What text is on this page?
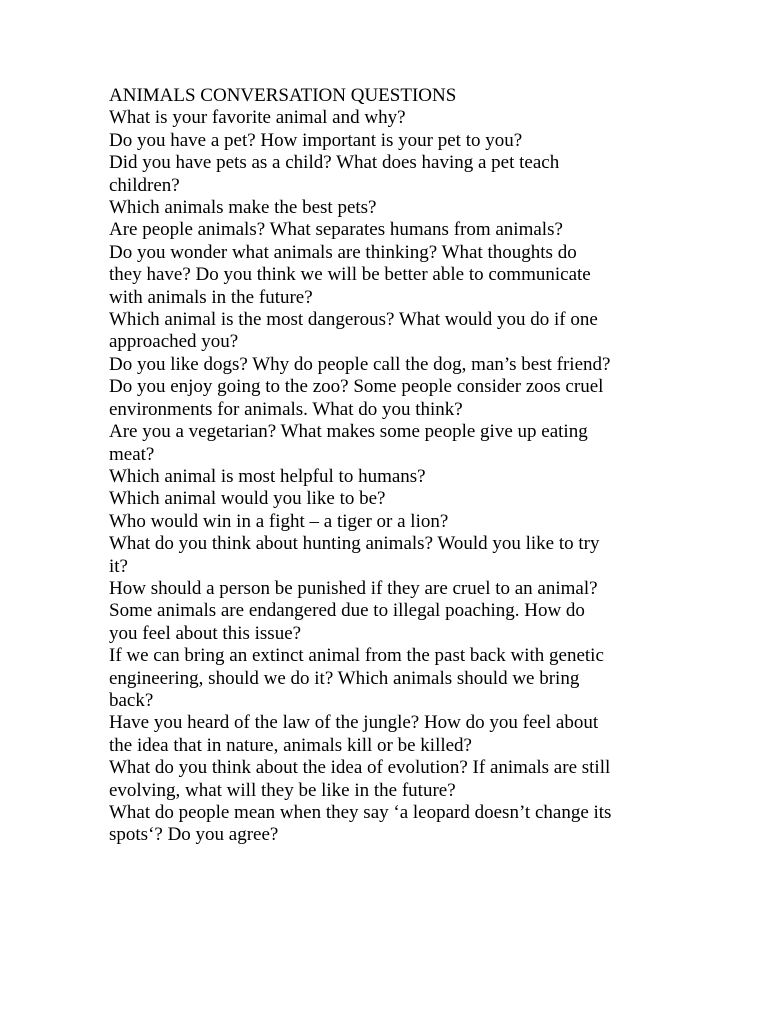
ANIMALS CONVERSATION QUESTIONS

What is your favorite animal and why?

Do you have a pet? How important is your pet to you?

Did you have pets as a child? What does having a pet teach

children?

Which animals make the best pets?

Are people animals? What separates humans from animals?

Do you wonder what animals are thinking? What thoughts do

they have? Do you think we will be better able to communicate

with animals in the future?

Which animal is the most dangerous? What would you do if one

approached you?

Do you like dogs? Why do people call the dog, man’s best friend?

Do you enjoy going to the zoo? Some people consider zoos cruel

environments for animals. What do you think?

Are you a vegetarian? What makes some people give up eating

meat?

Which animal is most helpful to humans?

Which animal would you like to be?

Who would win in a fight – a tiger or a lion?

What do you think about hunting animals? Would you like to try

it?

How should a person be punished if they are cruel to an animal?

Some animals are endangered due to illegal poaching. How do

you feel about this issue?

If we can bring an extinct animal from the past back with genetic

engineering, should we do it? Which animals should we bring

back?

Have you heard of the law of the jungle? How do you feel about

the idea that in nature, animals kill or be killed?

What do you think about the idea of evolution? If animals are still

evolving, what will they be like in the future?

What do people mean when they say ‘a leopard doesn’t change its

spots‘? Do you agree?
